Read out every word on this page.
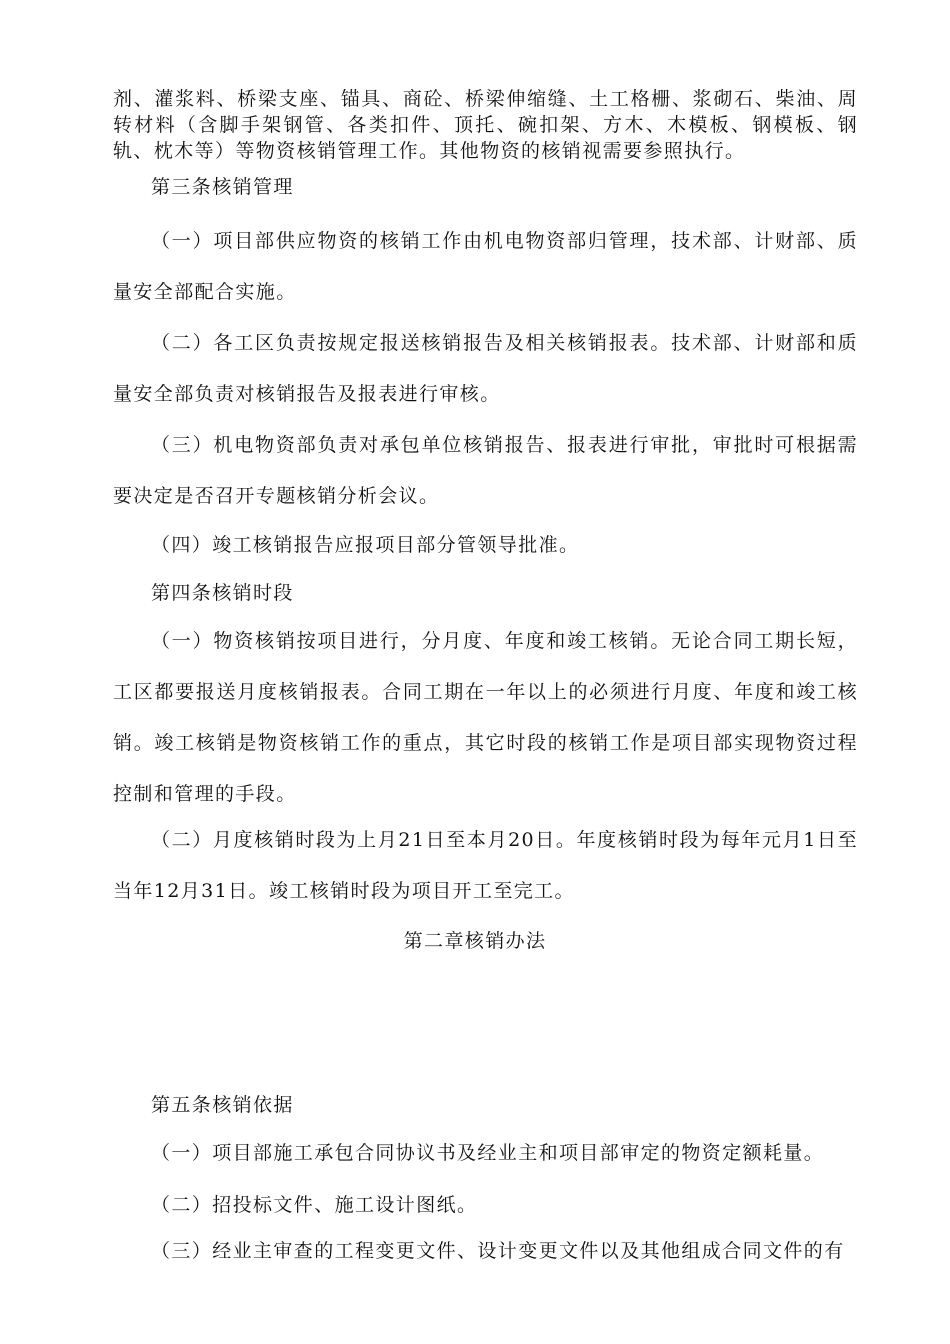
剂、灌浆料、桥梁支座、锚具、商砼、桥梁伸缩缝、土工格栅、浆砌石、柴油、周转材料（含脚手架钢管、各类扣件、顶托、碗扣架、方木、木模板、钢模板、钢轨、枕木等）等物资核销管理工作。其他物资的核销视需要参照执行。

第三条核销管理

（一）项目部供应物资的核销工作由机电物资部归管理，技术部、计财部、质量安全部配合实施。

（二）各工区负责按规定报送核销报告及相关核销报表。技术部、计财部和质量安全部负责对核销报告及报表进行审核。

（三）机电物资部负责对承包单位核销报告、报表进行审批，审批时可根据需要决定是否召开专题核销分析会议。

（四）竣工核销报告应报项目部分管领导批准。

第四条核销时段

（一）物资核销按项目进行，分月度、年度和竣工核销。无论合同工期长短，工区都要报送月度核销报表。合同工期在一年以上的必须进行月度、年度和竣工核销。竣工核销是物资核销工作的重点，其它时段的核销工作是项目部实现物资过程控制和管理的手段。

（二）月度核销时段为上月21日至本月20日。年度核销时段为每年元月1日至当年12月31日。竣工核销时段为项目开工至完工。

第二章核销办法

第五条核销依据

（一）项目部施工承包合同协议书及经业主和项目部审定的物资定额耗量。

（二）招投标文件、施工设计图纸。

（三）经业主审查的工程变更文件、设计变更文件以及其他组成合同文件的有
